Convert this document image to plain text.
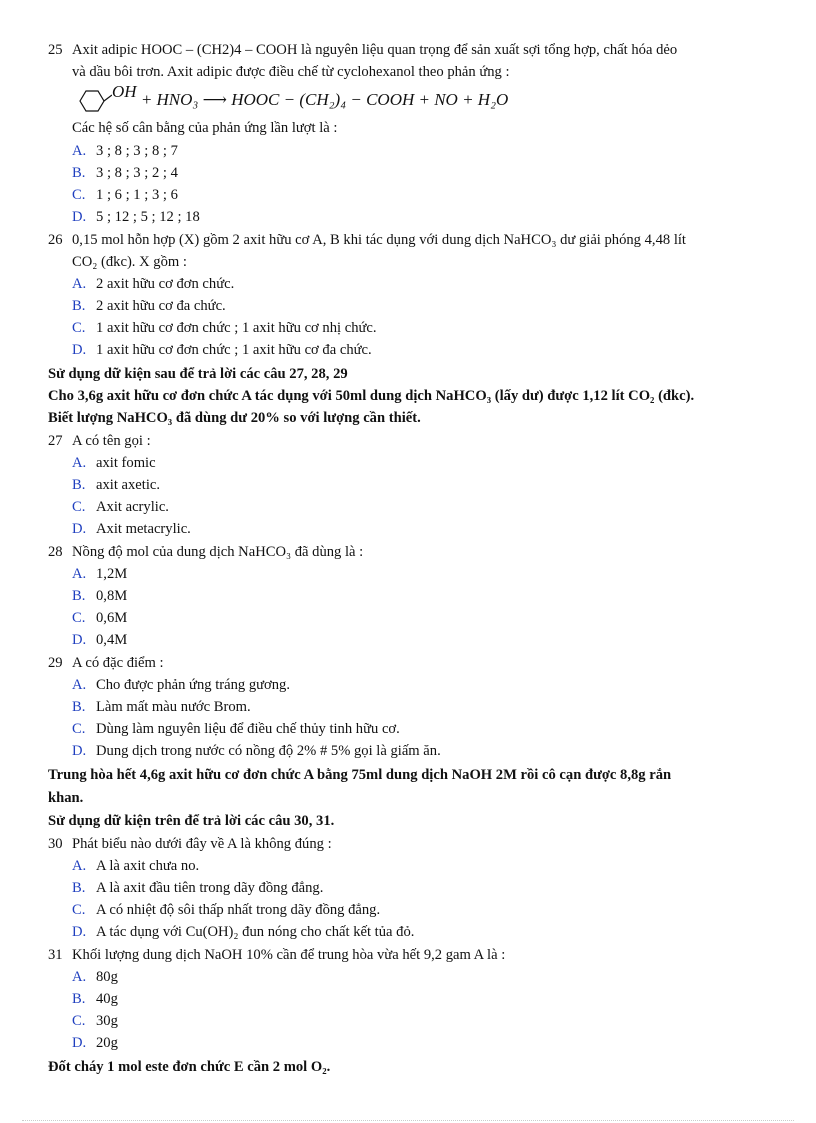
25 Axit adipic HOOC – (CH2)4 – COOH là nguyên liệu quan trọng để sản xuất sợi tổng hợp, chất hóa dẻo
và dầu bôi trơn. Axit adipic được điều chế từ cyclohexanol theo phản ứng :
OH + HNO₃ ⟶ HOOC − (CH₂)₄ − COOH + NO + H₂O
Các hệ số cân bằng của phản ứng lần lượt là :
A. 3 ; 8 ; 3 ; 8 ; 7
B. 3 ; 8 ; 3 ; 2 ; 4
C. 1 ; 6 ; 1 ; 3 ; 6
D. 5 ; 12 ; 5 ; 12 ; 18
26 0,15 mol hỗn hợp (X) gồm 2 axit hữu cơ A, B khi tác dụng với dung dịch NaHCO₃ dư giải phóng 4,48 lít
CO₂ (đkc). X gồm :
A. 2 axit hữu cơ đơn chức.
B. 2 axit hữu cơ đa chức.
C. 1 axit hữu cơ đơn chức ; 1 axit hữu cơ nhị chức.
D. 1 axit hữu cơ đơn chức ; 1 axit hữu cơ đa chức.
Sử dụng dữ kiện sau để trả lời các câu 27, 28, 29
Cho 3,6g axit hữu cơ đơn chức A tác dụng với 50ml dung dịch NaHCO₃ (lấy dư) được 1,12 lít CO₂ (đkc).
Biết lượng NaHCO₃ đã dùng dư 20% so với lượng cần thiết.
27 A có tên gọi :
A. axit fomic
B. axit axetic.
C. Axit acrylic.
D. Axit metacrylic.
28 Nồng độ mol của dung dịch NaHCO₃ đã dùng là :
A. 1,2M
B. 0,8M
C. 0,6M
D. 0,4M
29 A có đặc điểm :
A. Cho được phản ứng tráng gương.
B. Làm mất màu nước Brom.
C. Dùng làm nguyên liệu để điều chế thủy tinh hữu cơ.
D. Dung dịch trong nước có nồng độ 2% # 5% gọi là giấm ăn.
Trung hòa hết 4,6g axit hữu cơ đơn chức A bằng 75ml dung dịch NaOH 2M rồi cô cạn được 8,8g rắn
khan.
Sử dụng dữ kiện trên để trả lời các câu 30, 31.
30 Phát biểu nào dưới đây về A là không đúng :
A. A là axit chưa no.
B. A là axit đầu tiên trong dãy đồng đẳng.
C. A có nhiệt độ sôi thấp nhất trong dãy đồng đẳng.
D. A tác dụng với Cu(OH)₂ đun nóng cho chất kết tủa đỏ.
31 Khối lượng dung dịch NaOH 10% cần để trung hòa vừa hết 9,2 gam A là :
A. 80g
B. 40g
C. 30g
D. 20g
Đốt cháy 1 mol este đơn chức E cần 2 mol O₂.
